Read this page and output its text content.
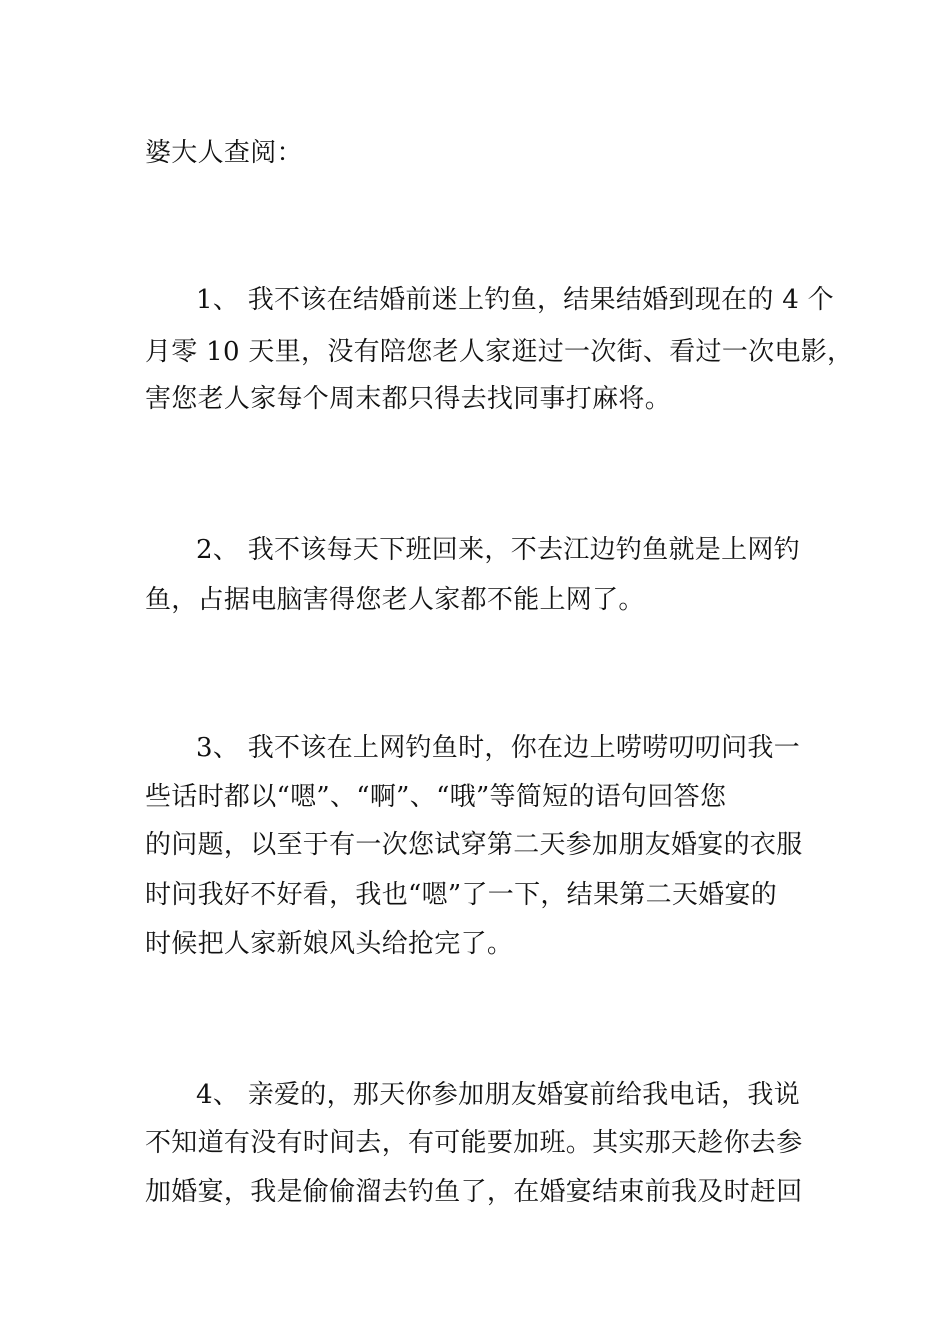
婆大人查阅：
1、 我不该在结婚前迷上钓鱼，结果结婚到现在的 4 个
月零 10 天里，没有陪您老人家逛过一次街、看过一次电影，
害您老人家每个周末都只得去找同事打麻将。
2、 我不该每天下班回来，不去江边钓鱼就是上网钓
鱼，占据电脑害得您老人家都不能上网了。
3、 我不该在上网钓鱼时，你在边上唠唠叨叨问我一
些话时都以“嗯”、“啊”、“哦”等简短的语句回答您
的问题，以至于有一次您试穿第二天参加朋友婚宴的衣服
时问我好不好看，我也“嗯”了一下，结果第二天婚宴的
时候把人家新娘风头给抢完了。
4、 亲爱的，那天你参加朋友婚宴前给我电话，我说
不知道有没有时间去，有可能要加班。其实那天趁你去参
加婚宴，我是偷偷溜去钓鱼了，在婚宴结束前我及时赶回
